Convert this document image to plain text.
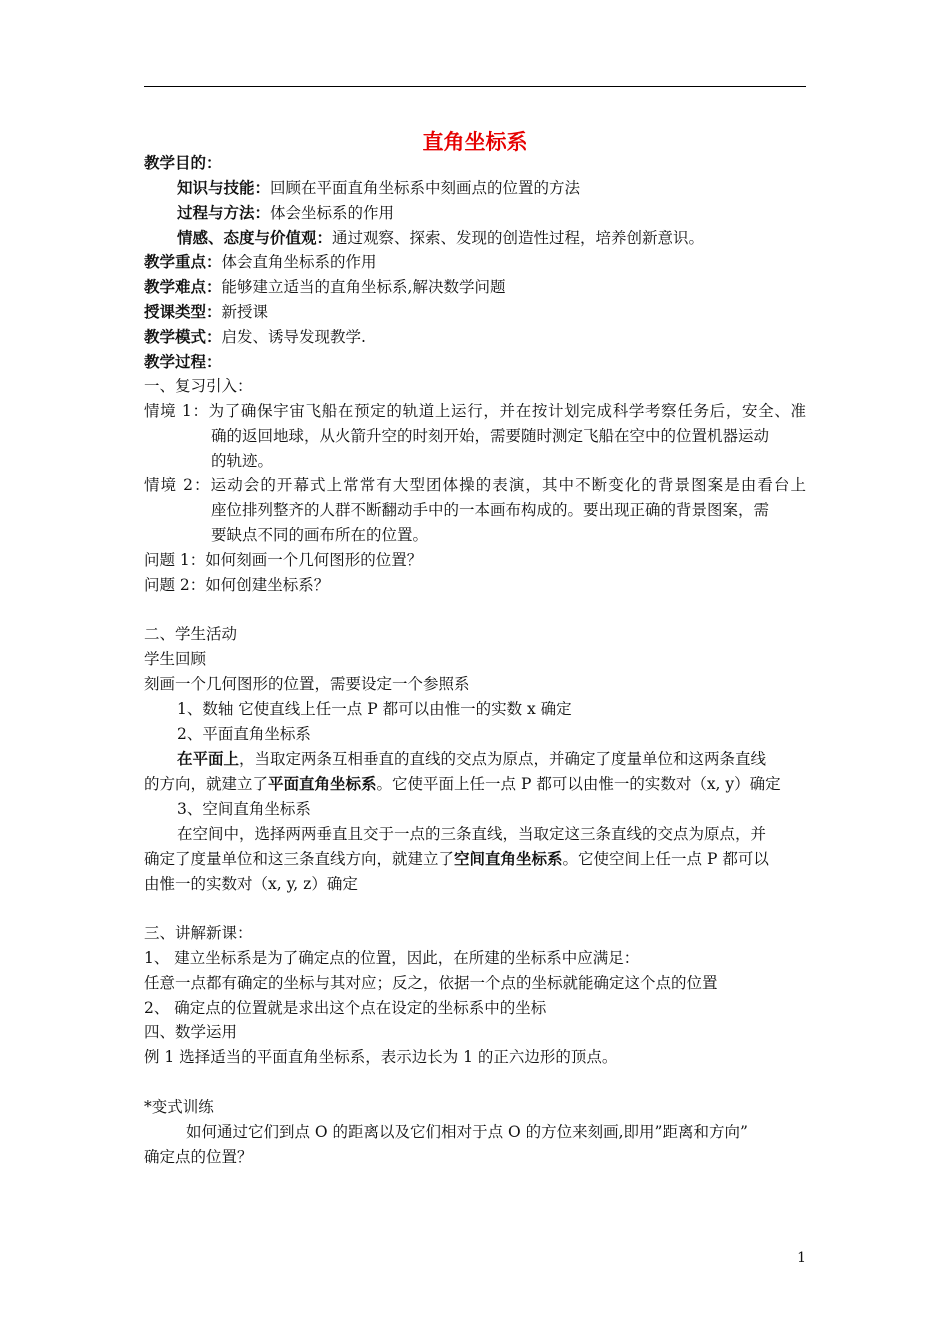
直角坐标系
教学目的：
知识与技能：回顾在平面直角坐标系中刻画点的位置的方法
过程与方法：体会坐标系的作用
情感、态度与价值观：通过观察、探索、发现的创造性过程，培养创新意识。
教学重点：体会直角坐标系的作用
教学难点：能够建立适当的直角坐标系,解决数学问题
授课类型：新授课
教学模式：启发、诱导发现教学.
教学过程：
一、复习引入：
情境 1：为了确保宇宙飞船在预定的轨道上运行，并在按计划完成科学考察任务后，安全、准
确的返回地球，从火箭升空的时刻开始，需要随时测定飞船在空中的位置机器运动
的轨迹。
情境 2：运动会的开幕式上常常有大型团体操的表演，其中不断变化的背景图案是由看台上
座位排列整齐的人群不断翻动手中的一本画布构成的。要出现正确的背景图案，需
要缺点不同的画布所在的位置。
问题 1：如何刻画一个几何图形的位置？
问题 2：如何创建坐标系？
二、学生活动
学生回顾
刻画一个几何图形的位置，需要设定一个参照系
1、数轴 它使直线上任一点 P 都可以由惟一的实数 x 确定
2、平面直角坐标系
在平面上，当取定两条互相垂直的直线的交点为原点，并确定了度量单位和这两条直线
的方向，就建立了平面直角坐标系。它使平面上任一点 P 都可以由惟一的实数对（x, y）确定
3、空间直角坐标系
在空间中，选择两两垂直且交于一点的三条直线，当取定这三条直线的交点为原点，并
确定了度量单位和这三条直线方向，就建立了空间直角坐标系。它使空间上任一点 P 都可以
由惟一的实数对（x, y, z）确定
三、讲解新课：
1、 建立坐标系是为了确定点的位置，因此，在所建的坐标系中应满足：
任意一点都有确定的坐标与其对应；反之，依据一个点的坐标就能确定这个点的位置
2、 确定点的位置就是求出这个点在设定的坐标系中的坐标
四、数学运用
例 1 选择适当的平面直角坐标系，表示边长为 1 的正六边形的顶点。
*变式训练
如何通过它们到点 O 的距离以及它们相对于点 O 的方位来刻画,即用”距离和方向”
确定点的位置？
1
